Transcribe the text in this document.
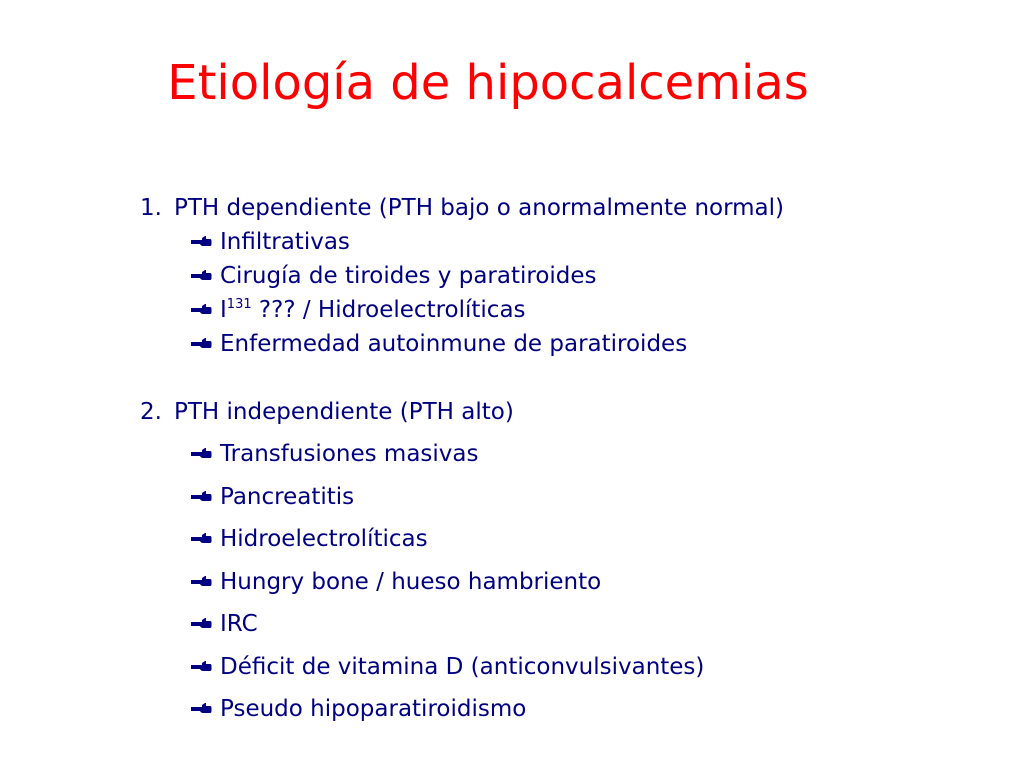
Etiología de hipocalcemias
1. PTH dependiente (PTH bajo o anormalmente normal)
Infiltrativas
Cirugía de tiroides y paratiroides
$I^{131}$ ??? / Hidroelectrolíticas
Enfermedad autoinmune de paratiroides
2. PTH independiente (PTH alto)
Transfusiones masivas
Pancreatitis
Hidroelectrolíticas
Hungry bone / hueso hambriento
IRC
Déficit de vitamina D (anticonvulsivantes)
Pseudo hipoparatiroidismo
